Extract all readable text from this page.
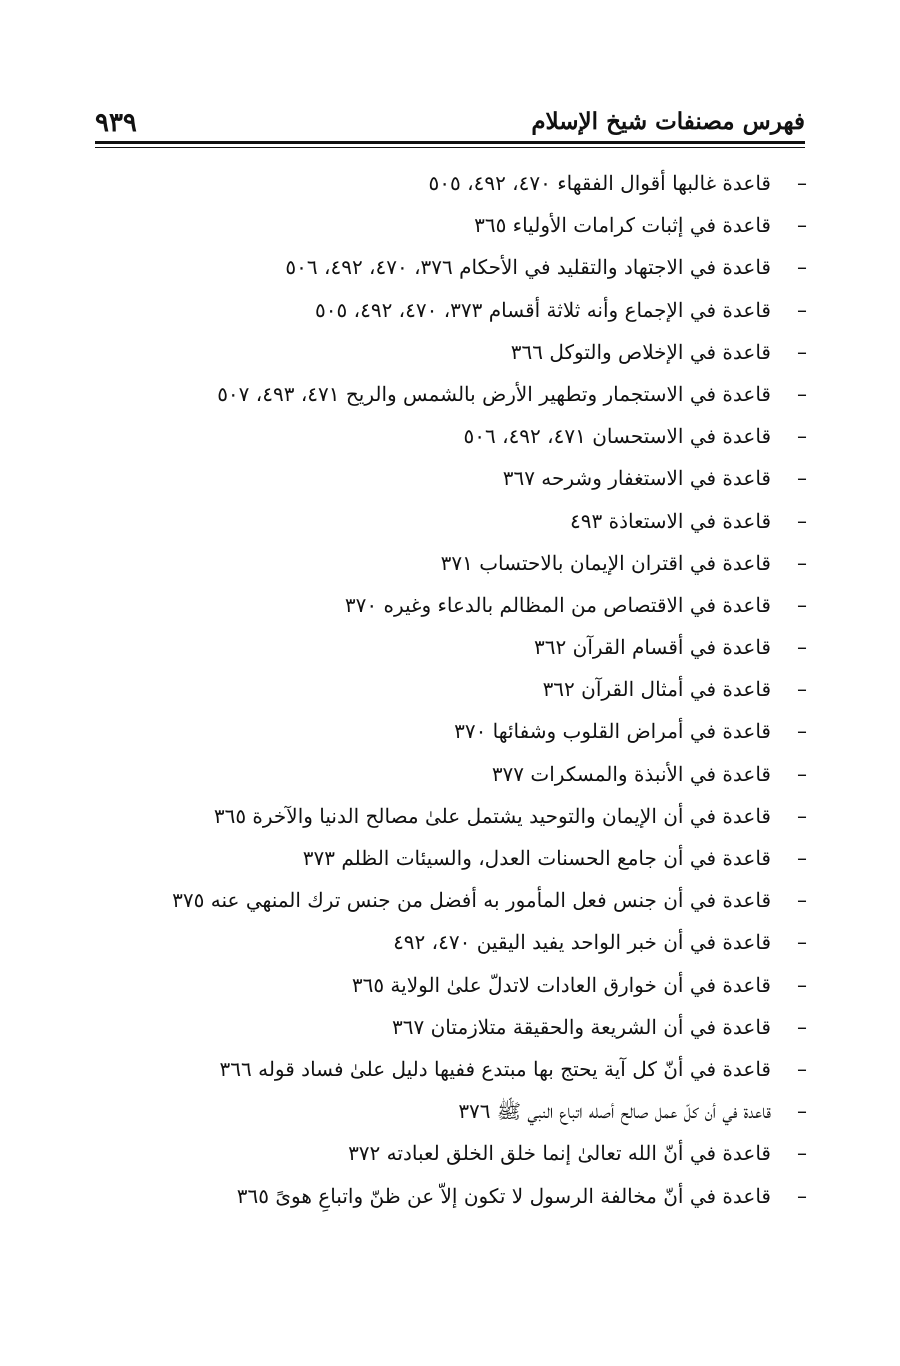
فهرس مصنفات شيخ الإسلام
٩٣٩
–
قاعدة غالبها أقوال الفقهاء ٤٧٠، ٤٩٢، ٥٠٥
–
قاعدة في إثبات كرامات الأولياء ٣٦٥
–
قاعدة في الاجتهاد والتقليد في الأحكام ٣٧٦، ٤٧٠، ٤٩٢، ٥٠٦
–
قاعدة في الإجماع وأنه ثلاثة أقسام ٣٧٣، ٤٧٠، ٤٩٢، ٥٠٥
–
قاعدة في الإخلاص والتوكل ٣٦٦
–
قاعدة في الاستجمار وتطهير الأرض بالشمس والريح ٤٧١، ٤٩٣، ٥٠٧
–
قاعدة في الاستحسان ٤٧١، ٤٩٢، ٥٠٦
–
قاعدة في الاستغفار وشرحه ٣٦٧
–
قاعدة في الاستعاذة ٤٩٣
–
قاعدة في اقتران الإيمان بالاحتساب ٣٧١
–
قاعدة في الاقتصاص من المظالم بالدعاء وغيره ٣٧٠
–
قاعدة في أقسام القرآن ٣٦٢
–
قاعدة في أمثال القرآن ٣٦٢
–
قاعدة في أمراض القلوب وشفائها ٣٧٠
–
قاعدة في الأنبذة والمسكرات ٣٧٧
–
قاعدة في أن الإيمان والتوحيد يشتمل علىٰ مصالح الدنيا والآخرة ٣٦٥
–
قاعدة في أن جامع الحسنات العدل، والسيئات الظلم ٣٧٣
–
قاعدة في أن جنس فعل المأمور به أفضل من جنس ترك المنهي عنه ٣٧٥
–
قاعدة في أن خبر الواحد يفيد اليقين ٤٧٠، ٤٩٢
–
قاعدة في أن خوارق العادات لاتدلّ علىٰ الولاية ٣٦٥
–
قاعدة في أن الشريعة والحقيقة متلازمتان ٣٦٧
–
قاعدة في أنّ كل آية يحتج بها مبتدع ففيها دليل علىٰ فساد قوله ٣٦٦
–
قاعدة في أن كلّ عمل صالح أصله اتباع النبي ﷺ ٣٧٦
–
قاعدة في أنّ الله تعالىٰ إنما خلق الخلق لعبادته ٣٧٢
–
قاعدة في أنّ مخالفة الرسول لا تكون إلاّ عن ظنّ واتباعِ هوىً ٣٦٥
